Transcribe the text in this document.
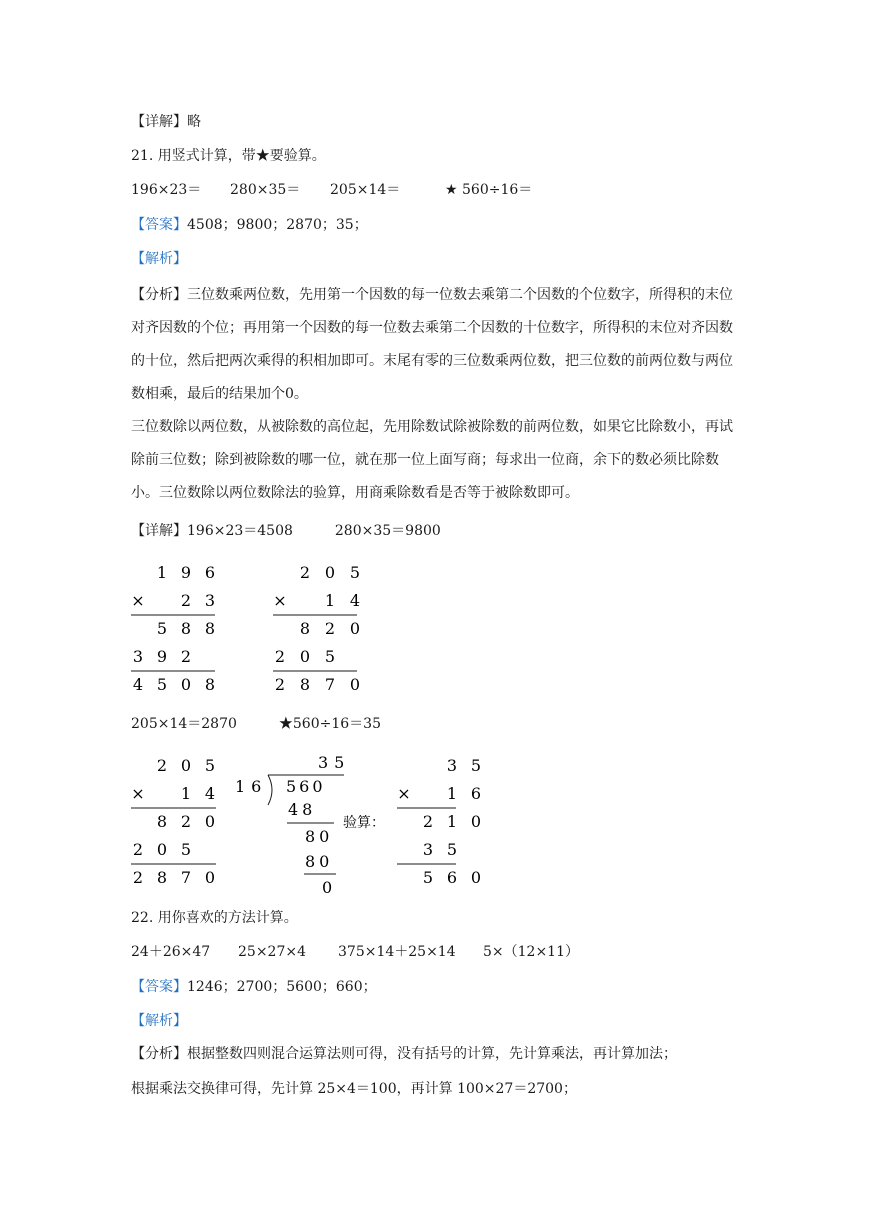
【详解】略
21. 用竖式计算，带★要验算。
196×23＝ 280×35＝ 205×14＝	★ 560÷16＝
【答案】4508；9800；2870；35；
【解析】
【分析】三位数乘两位数，先用第一个因数的每一位数去乘第二个因数的个位数字，所得积的末位对齐因数的个位；再用第一个因数的每一位数去乘第二个因数的十位数字，所得积的末位对齐因数的十位，然后把两次乘得的积相加即可。末尾有零的三位数乘两位数，把三位数的前两位数与两位数相乘，最后的结果加个0。
三位数除以两位数，从被除数的高位起，先用除数试除被除数的前两位数，如果它比除数小，再试除前三位数；除到被除数的哪一位，就在那一位上面写商；每求出一位商，余下的数必须比除数小。三位数除以两位数除法的验算，用商乘除数看是否等于被除数即可。
【详解】196×23＝4508　　　280×35＝9800
1 9 6
× 2 3
5 8 8
3 9 2
4 5 0 8
2 0 5
× 1 4
8 2 0
2 0 5
2 8 7 0
2 0 5
× 1 4
8 2 0
2 0 5
2 8 7 0
3 5
× 1 6
2 1 0
3 5
5 6 0
35
16 560
48
80
80
0
验算：
205×14＝2870　　　★560÷16＝35
22. 用你喜欢的方法计算。
24＋26×47 25×27×4 375×14＋25×14 5×（12×11）
【答案】1246；2700；5600；660；
【解析】
【分析】根据整数四则混合运算法则可得，没有括号的计算，先计算乘法，再计算加法；
根据乘法交换律可得，先计算 25×4＝100，再计算 100×27＝2700；
